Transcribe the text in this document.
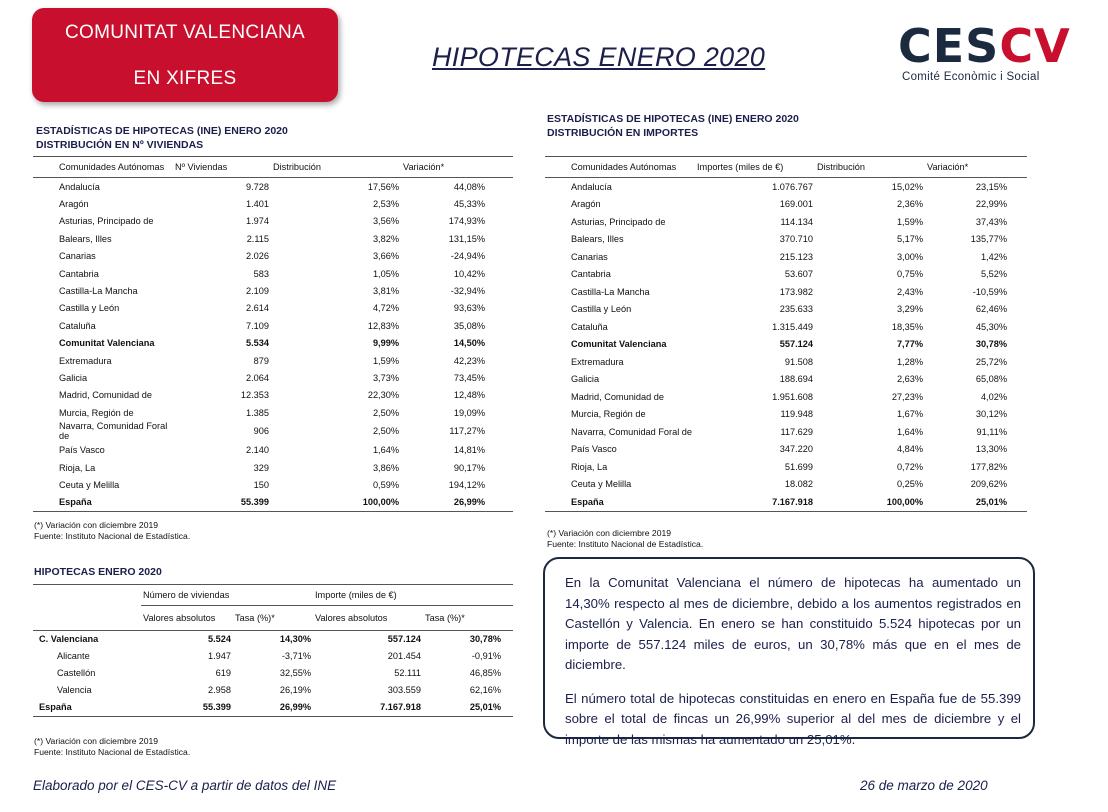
COMUNITAT VALENCIANA
EN XIFRES
HIPOTECAS ENERO 2020	CESCV
Comité Econòmic i Social
ESTADÍSTICAS DE HIPOTECAS (INE) ENERO 2020
DISTRIBUCIÓN EN Nº VIVIENDAS
Comunidades Autónomas	Nº Viviendas	Distribución	Variación*
Andalucía	9.728	17,56%	44,08%
Aragón	1.401	2,53%	45,33%
Asturias, Principado de	1.974	3,56%	174,93%
Balears, Illes	2.115	3,82%	131,15%
Canarias	2.026	3,66%	-24,94%
Cantabria	583	1,05%	10,42%
Castilla-La Mancha	2.109	3,81%	-32,94%
Castilla y León	2.614	4,72%	93,63%
Cataluña	7.109	12,83%	35,08%
Comunitat Valenciana	5.534	9,99%	14,50%
Extremadura	879	1,59%	42,23%
Galicia	2.064	3,73%	73,45%
Madrid, Comunidad de	12.353	22,30%	12,48%
Murcia, Región de	1.385	2,50%	19,09%
Navarra, Comunidad Foral de	906	2,50%	117,27%
País Vasco	2.140	1,64%	14,81%
Rioja, La	329	3,86%	90,17%
Ceuta y Melilla	150	0,59%	194,12%
España	55.399	100,00%	26,99%
(*) Variación con diciembre 2019
Fuente: Instituto Nacional de Estadística.
ESTADÍSTICAS DE HIPOTECAS (INE) ENERO 2020
DISTRIBUCIÓN EN IMPORTES
Comunidades Autónomas	Importes (miles de €)	Distribución	Variación*
Andalucía	1.076.767	15,02%	23,15%
Aragón	169.001	2,36%	22,99%
Asturias, Principado de	114.134	1,59%	37,43%
Balears, Illes	370.710	5,17%	135,77%
Canarias	215.123	3,00%	1,42%
Cantabria	53.607	0,75%	5,52%
Castilla-La Mancha	173.982	2,43%	-10,59%
Castilla y León	235.633	3,29%	62,46%
Cataluña	1.315.449	18,35%	45,30%
Comunitat Valenciana	557.124	7,77%	30,78%
Extremadura	91.508	1,28%	25,72%
Galicia	188.694	2,63%	65,08%
Madrid, Comunidad de	1.951.608	27,23%	4,02%
Murcia, Región de	119.948	1,67%	30,12%
Navarra, Comunidad Foral de	117.629	1,64%	91,11%
País Vasco	347.220	4,84%	13,30%
Rioja, La	51.699	0,72%	177,82%
Ceuta y Melilla	18.082	0,25%	209,62%
España	7.167.918	100,00%	25,01%
(*) Variación con diciembre 2019
Fuente: Instituto Nacional de Estadística.
HIPOTECAS ENERO 2020
	Número de viviendas		Importe (miles de €)	
	Valores absolutos	Tasa (%)*	Valores absolutos	Tasa (%)*
C. Valenciana	5.524	14,30%	557.124	30,78%
Alicante	1.947	-3,71%	201.454	-0,91%
Castellón	619	32,55%	52.111	46,85%
Valencia	2.958	26,19%	303.559	62,16%
España	55.399	26,99%	7.167.918	25,01%
(*) Variación con diciembre 2019
Fuente: Instituto Nacional de Estadística.

En la Comunitat Valenciana el número de hipotecas ha aumentado un 14,30% respecto al mes de diciembre, debido a los aumentos registrados en Castellón y Valencia. En enero se han constituido 5.524 hipotecas por un importe de 557.124 miles de euros, un 30,78% más que en el mes de diciembre.

El número total de hipotecas constituidas en enero en España fue de 55.399 sobre el total de fincas un 26,99% superior al del mes de diciembre y el importe de las mismas ha aumentado un 25,01%.

Elaborado por el CES-CV a partir de datos del INE	26 de marzo de 2020
